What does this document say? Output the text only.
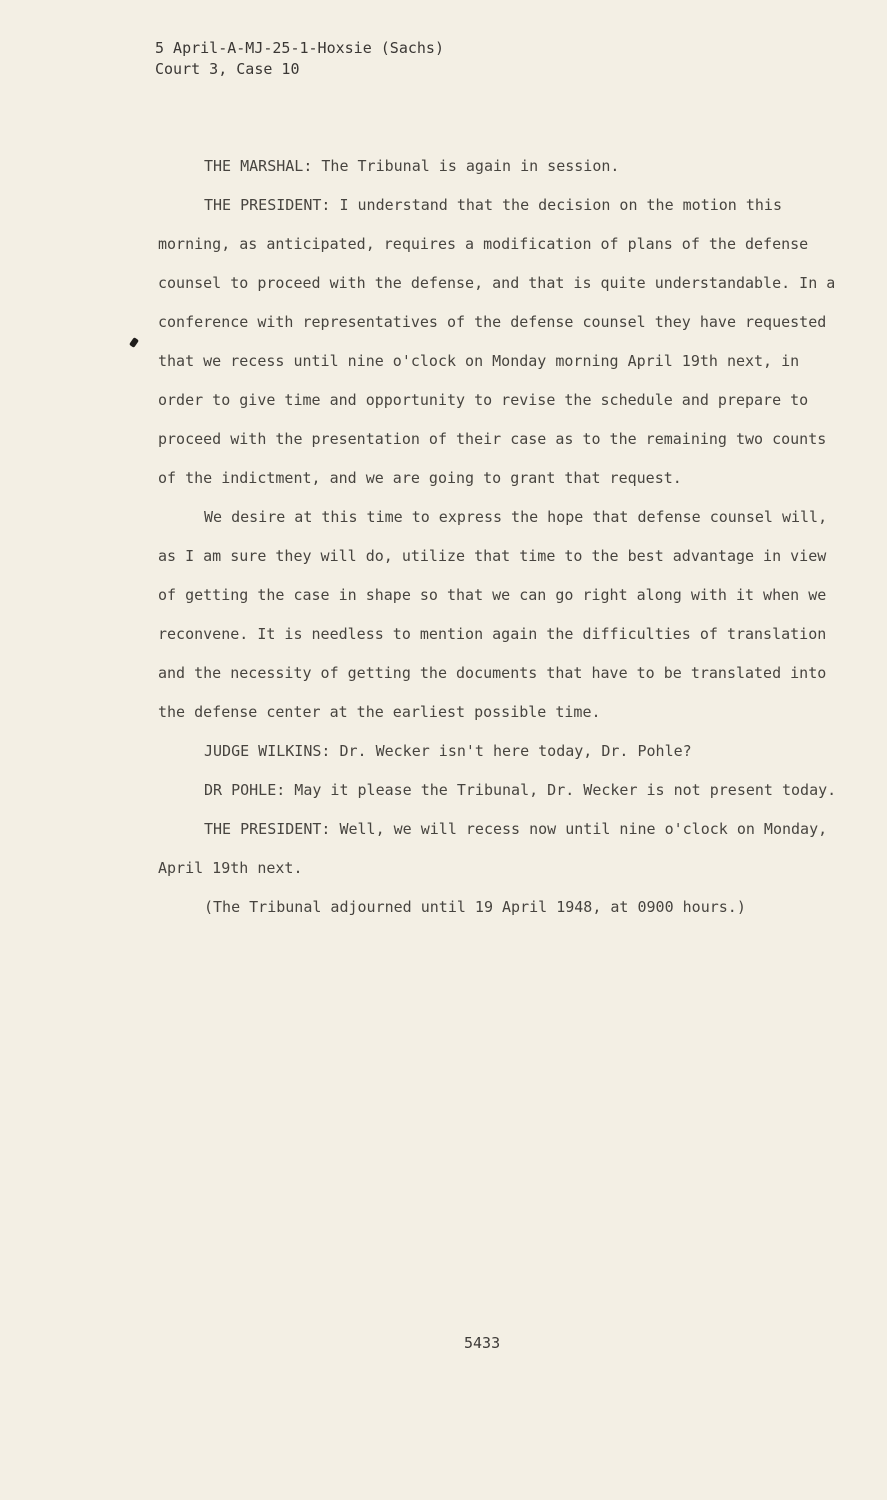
5 April-A-MJ-25-1-Hoxsie (Sachs)
Court 3, Case 10

THE MARSHAL: The Tribunal is again in session.

THE PRESIDENT: I understand that the decision on the motion this morning, as anticipated, requires a modification of plans of the defense counsel to proceed with the defense, and that is quite understandable. In a conference with representatives of the defense counsel they have requested that we recess until nine o'clock on Monday morning April 19th next, in order to give time and opportunity to revise the schedule and prepare to proceed with the presentation of their case as to the remaining two counts of the indictment, and we are going to grant that request.

We desire at this time to express the hope that defense counsel will, as I am sure they will do, utilize that time to the best advantage in view of getting the case in shape so that we can go right along with it when we reconvene. It is needless to mention again the difficulties of translation and the necessity of getting the documents that have to be translated into the defense center at the earliest possible time.

JUDGE WILKINS: Dr. Wecker isn't here today, Dr. Pohle?

DR POHLE: May it please the Tribunal, Dr. Wecker is not present today.

THE PRESIDENT: Well, we will recess now until nine o'clock on Monday, April 19th next.

(The Tribunal adjourned until 19 April 1948, at 0900 hours.)

5433
